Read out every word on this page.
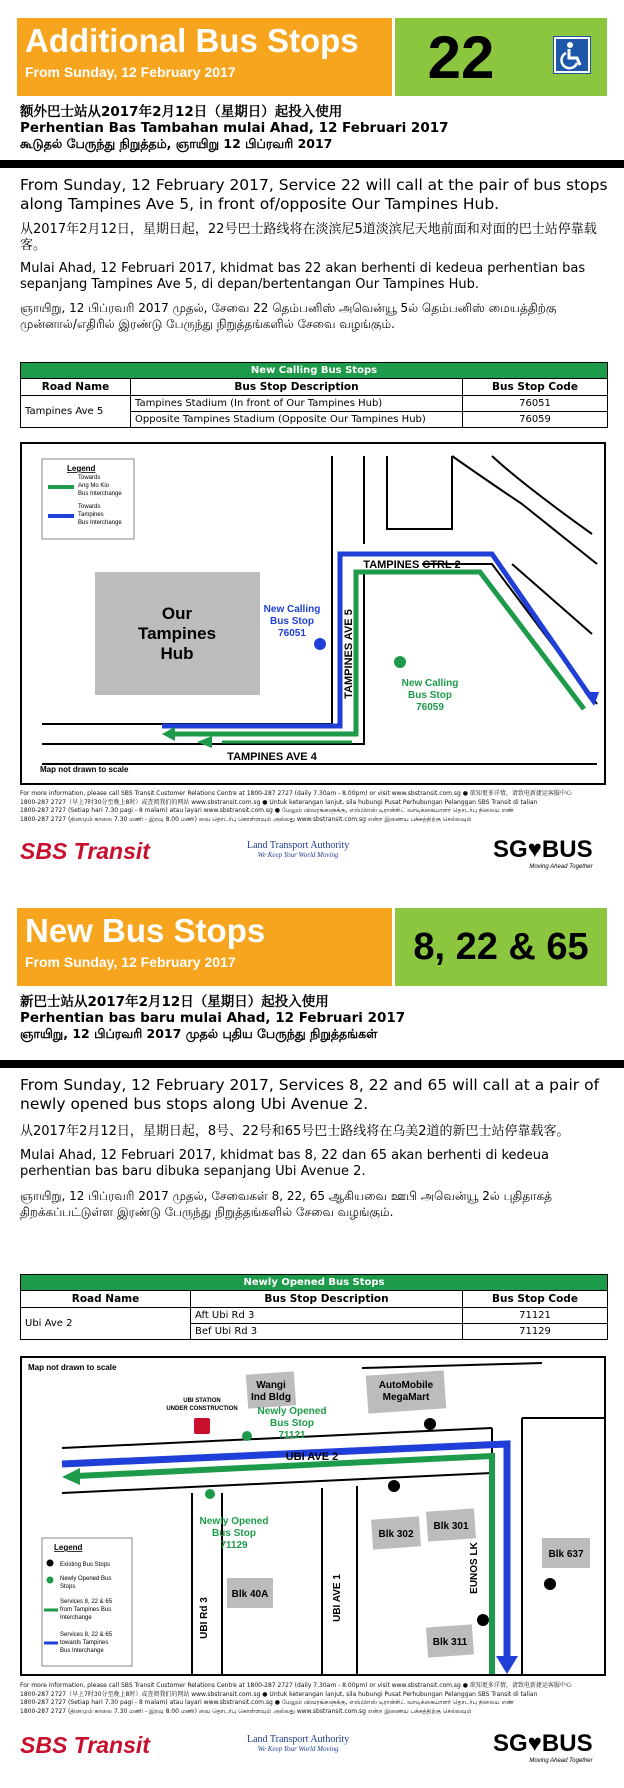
Additional Bus Stops
From Sunday, 12 February 2017	22
额外巴士站从2017年2月12日（星期日）起投入使用
Perhentian Bas Tambahan mulai Ahad, 12 Februari 2017
கூடுதல் பேருந்து நிறுத்தம், ஞாயிறு 12 பிப்ரவரி 2017
From Sunday, 12 February 2017, Service 22 will call at the pair of bus stops along Tampines Ave 5, in front of/opposite Our Tampines Hub.
从2017年2月12日，星期日起，22号巴士路线将在淡滨尼5道淡滨尼天地前面和对面的巴士站停靠载客。
Mulai Ahad, 12 Februari 2017, khidmat bas 22 akan berhenti di kedeua perhentian bas sepanjang Tampines Ave 5, di depan/bertentangan Our Tampines Hub.
ஞாயிறு, 12 பிப்ரவரி 2017 முதல், சேவை 22 தெம்பனிஸ் அவென்யூ 5ல் தெம்பனிஸ் மையத்திற்கு முன்னால்/எதிரில் இரண்டு பேருந்து நிறுத்தங்களில் சேவை வழங்கும்.
New Calling Bus Stops		
Road Name	Bus Stop Description	Bus Stop Code
Tampines Ave 5	Tampines Stadium (In front of Our Tampines Hub)	76051
	Opposite Tampines Stadium (Opposite Our Tampines Hub)	76059
Legend
Towards
Ang Mo Kio
Bus Interchange
Towards
Tampines
Bus Interchange
Our
Tampines
Hub
TAMPINES CTRL 2
TAMPINES AVE 5
TAMPINES AVE 4
New Calling
Bus Stop
76051
New Calling
Bus Stop
76059
Map not drawn to scale
For more information, please call SBS Transit Customer Relations Centre at 1800-287 2727 (daily 7.30am - 8.00pm) or visit www.sbstransit.com.sg ● 欲知更多详情，请致电新捷运客服中心
1800-287 2727（早上7时30分至晚上8时）或查阅我们的网站 www.sbstransit.com.sg ● Untuk keterangan lanjut, sila hubungi Pusat Perhubungan Pelanggan SBS Transit di talian
1800-287 2727 (Setiap hari 7.30 pagi - 8 malam) atau layari www.sbstransit.com.sg ● மேலும் விவரங்களுக்கு, எஸ்பிஎஸ் டிரான்சிட் வாடிக்கையாளர் தொடர்பு நிலைய எண்
1800-287 2727 (தினமும் காலை 7.30 மணி - இரவு 8.00 மணி) வை தொடர்பு கொள்ளவும் அல்லது www.sbstransit.com.sg என்ற இணைய பக்கத்திற்கு செல்லவும்
SBS Transit	Land Transport Authority
We Keep Your World Moving	SG♥BUS
Moving Ahead Together
New Bus Stops
From Sunday, 12 February 2017	8, 22 & 65
新巴士站从2017年2月12日（星期日）起投入使用
Perhentian bas baru mulai Ahad, 12 Februari 2017
ஞாயிறு, 12 பிப்ரவரி 2017 முதல் புதிய பேருந்து நிறுத்தங்கள்
From Sunday, 12 February 2017, Services 8, 22 and 65 will call at a pair of newly opened bus stops along Ubi Avenue 2.
从2017年2月12日，星期日起，8号、22号和65号巴士路线将在乌美2道的新巴士站停靠载客。
Mulai Ahad, 12 Februari 2017, khidmat bas 8, 22 dan 65 akan berhenti di kedeua perhentian bas baru dibuka sepanjang Ubi Avenue 2.
ஞாயிறு, 12 பிப்ரவரி 2017 முதல், சேவைகள் 8, 22, 65 ஆகியவை ஊபி அவென்யூ 2ல் புதிதாகத் திறக்கப்பட்டுள்ள இரண்டு பேருந்து நிறுத்தங்களில் சேவை வழங்கும்.
Newly Opened Bus Stops		
Road Name	Bus Stop Description	Bus Stop Code
Ubi Ave 2	Aft Ubi Rd 3	71121
	Bef Ubi Rd 3	71129
Map not drawn to scale
Wangi
Ind Bldg
AutoMobile
MegaMart
Blk 302
Blk 301
Blk 637
Blk 40A
Blk 311
UBI STATION
UNDER CONSTRUCTION
UBI AVE 2
UBI Rd 3	UBI AVE 1
EUNOS LK
Newly Opened
Bus Stop
71121
Newly Opened
Bus Stop
71129
Legend
Existing Bus Stops
Newly Opened Bus
Stops
Services 8, 22 & 65
from Tampines Bus
Interchange
Services 8, 22 & 65
towards Tampines
Bus Interchange
For more information, please call SBS Transit Customer Relations Centre at 1800-287 2727 (daily 7.30am - 8.00pm) or visit www.sbstransit.com.sg ● 欲知更多详情，请致电新捷运客服中心
1800-287 2727（早上7时30分至晚上8时）或查阅我们的网站 www.sbstransit.com.sg ● Untuk keterangan lanjut, sila hubungi Pusat Perhubungan Pelanggan SBS Transit di talian
1800-287 2727 (Setiap hari 7.30 pagi - 8 malam) atau layari www.sbstransit.com.sg ● மேலும் விவரங்களுக்கு, எஸ்பிஎஸ் டிரான்சிட் வாடிக்கையாளர் தொடர்பு நிலைய எண்
1800-287 2727 (தினமும் காலை 7.30 மணி - இரவு 8.00 மணி) வை தொடர்பு கொள்ளவும் அல்லது www.sbstransit.com.sg என்ற இணைய பக்கத்திற்கு செல்லவும்
SBS Transit	Land Transport Authority
We Keep Your World Moving	SG♥BUS
Moving Ahead Together
